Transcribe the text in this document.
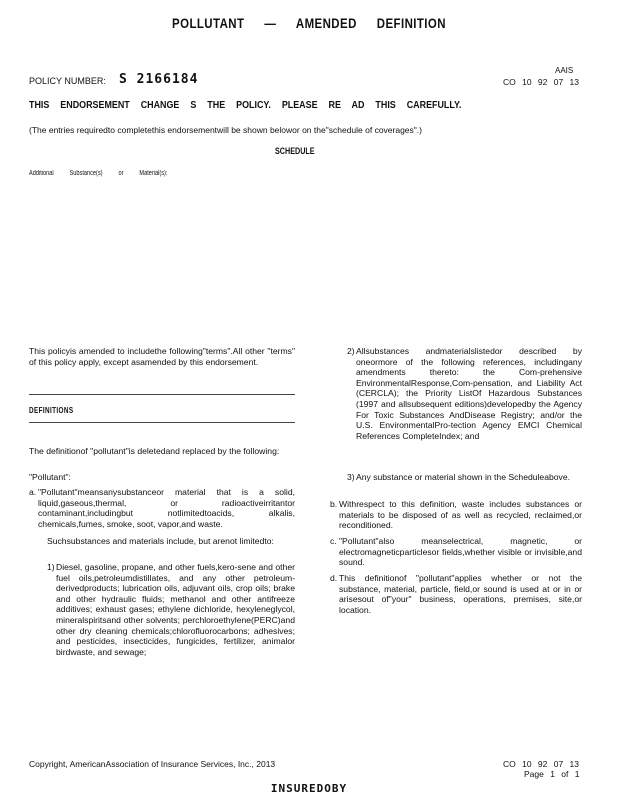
POLLUTANT — AMENDED DEFINITION
POLICY NUMBER: S 2166184
AAIS
CO 10 92 07 13
THIS ENDORSEMENT CHANGE S THE POLICY. PLEASE RE AD THIS CAREFULLY.
(The entries requiredto completethis endorsementwill be shown belowor on the"schedule of coverages".)
SCHEDULE
Additional Substance(s) or Material(s):
This policyis amended to includethe following"terms".All other "terms" of this policy apply, except asamended by this endorsement.
DEFINITIONS
The definitionof "pollutant"is deletedand replaced by the following:
"Pollutant":
a. "Pollutant"meansanysubstanceor material that is a solid, liquid,gaseous,thermal, or radioactiveirritantor contaminant,includingbut notlimitedtoacids, alkalis, chemicals,fumes, smoke, soot, vapor,and waste.
Suchsubstances and materials include, but arenot limitedto:
1) Diesel, gasoline, propane, and other fuels,kero-sene and other fuel oils,petroleumdistillates, and any other petroleum-derivedproducts; lubrication oils, adjuvant oils, crop oils; brake and other hydraulic fluids; methanol and other antifreeze additives; exhaust gases; ethylene dichloride, hexyleneglycol, mineralspiritsand other solvents; perchloroethylene(PERC)and other dry cleaning chemicals;chlorofluorocarbons; adhesives; and pesticides, insecticides, fungicides, fertilizer, animalor birdwaste, and sewage;
2) Allsubstances andmaterialslistedor described by oneormore of the following references, includingany amendments thereto: the Com-prehensive EnvironmentalResponse,Com-pensation, and Liability Act (CERCLA); the Priority ListOf Hazardous Substances (1997 and allsubsequent editions)developedby the Agency For Toxic Substances AndDisease Registry; and/or the U.S. EnvironmentalPro-tection Agency EMCI Chemical References CompleteIndex; and
3) Any substance or material shown in the Scheduleabove.
b. Withrespect to this definition, waste includes substances or materials to be disposed of as well as recycled, reclaimed,or reconditioned.
c. "Pollutant"also meanselectrical, magnetic, or electromagneticparticlesor fields,whether visible or invisible,and sound.
d. This definitionof "pollutant"applies whether or not the substance, material, particle, field,or sound is used at or in or arisesout of"your" business, operations, premises, site,or location.
Copyright, AmericanAssociation of Insurance Services, Inc., 2013	CO 10 92 07 13
Page 1 of 1
INSUREDOBY
